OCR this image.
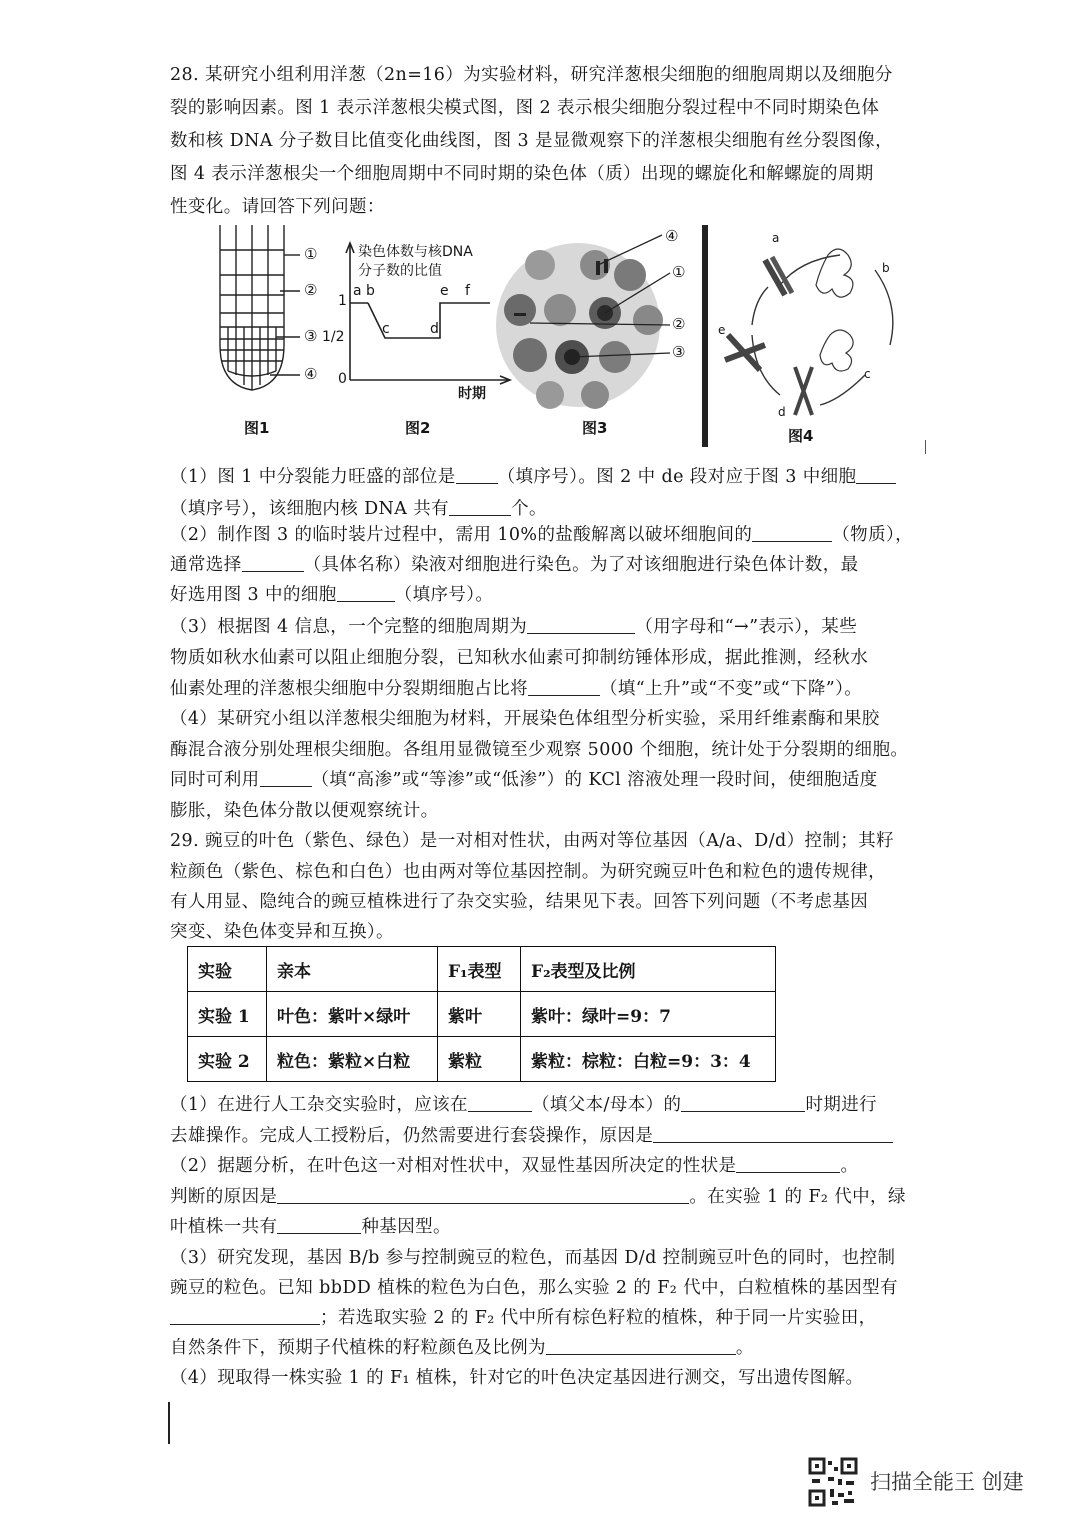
28. 某研究小组利用洋葱（2n=16）为实验材料，研究洋葱根尖细胞的细胞周期以及细胞分

裂的影响因素。图 1 表示洋葱根尖模式图，图 2 表示根尖细胞分裂过程中不同时期染色体

数和核 DNA 分子数目比值变化曲线图，图 3 是显微观察下的洋葱根尖细胞有丝分裂图像，

图 4 表示洋葱根尖一个细胞周期中不同时期的染色体（质）出现的螺旋化和解螺旋的周期

性变化。请回答下列问题：

①
②
③
④
图1
染色体数与核DNA
分子数的比值
1
1/2
0
a b
c	d
e f
时期
图2
④
①
②
③
图3
a
b
c
d
e
图4

（1）图 1 中分裂能力旺盛的部位是 （填序号）。图 2 中 de 段对应于图 3 中细胞

（填序号），该细胞内核 DNA 共有	个。

（2）制作图 3 的临时装片过程中，需用 10%的盐酸解离以破坏细胞间的	（物质），

通常选择	（具体名称）染液对细胞进行染色。为了对该细胞进行染色体计数，最

好选用图 3 中的细胞	（填序号）。

（3）根据图 4 信息，一个完整的细胞周期为	（用字母和“→”表示），某些

物质如秋水仙素可以阻止细胞分裂，已知秋水仙素可抑制纺锤体形成，据此推测，经秋水

仙素处理的洋葱根尖细胞中分裂期细胞占比将	（填“上升”或“不变”或“下降”）。

（4）某研究小组以洋葱根尖细胞为材料，开展染色体组型分析实验，采用纤维素酶和果胶

酶混合液分别处理根尖细胞。各组用显微镜至少观察 5000 个细胞，统计处于分裂期的细胞。

同时可利用	（填“高渗”或“等渗”或“低渗”）的 KCl 溶液处理一段时间，使细胞适度

膨胀，染色体分散以便观察统计。

29. 豌豆的叶色（紫色、绿色）是一对相对性状，由两对等位基因（A/a、D/d）控制；其籽

粒颜色（紫色、棕色和白色）也由两对等位基因控制。为研究豌豆叶色和粒色的遗传规律，

有人用显、隐纯合的豌豆植株进行了杂交实验，结果见下表。回答下列问题（不考虑基因

突变、染色体变异和互换）。

实验	亲本	F₁表型	F₂表型及比例
实验 1	叶色：紫叶×绿叶	紫叶	紫叶：绿叶=9：7
实验 2	粒色：紫粒×白粒	紫粒	紫粒：棕粒：白粒=9：3：4

（1）在进行人工杂交实验时，应该在	（填父本/母本）的	时期进行

去雄操作。完成人工授粉后，仍然需要进行套袋操作，原因是

（2）据题分析，在叶色这一对相对性状中，双显性基因所决定的性状是	。

判断的原因是	。在实验 1 的 F₂ 代中，绿

叶植株一共有	种基因型。

（3）研究发现，基因 B/b 参与控制豌豆的粒色，而基因 D/d 控制豌豆叶色的同时，也控制

豌豆的粒色。已知 bbDD 植株的粒色为白色，那么实验 2 的 F₂ 代中，白粒植株的基因型有

；若选取实验 2 的 F₂ 代中所有棕色籽粒的植株，种于同一片实验田，

自然条件下，预期子代植株的籽粒颜色及比例为	。

（4）现取得一株实验 1 的 F₁ 植株，针对它的叶色决定基因进行测交，写出遗传图解。

扫描全能王 创建
